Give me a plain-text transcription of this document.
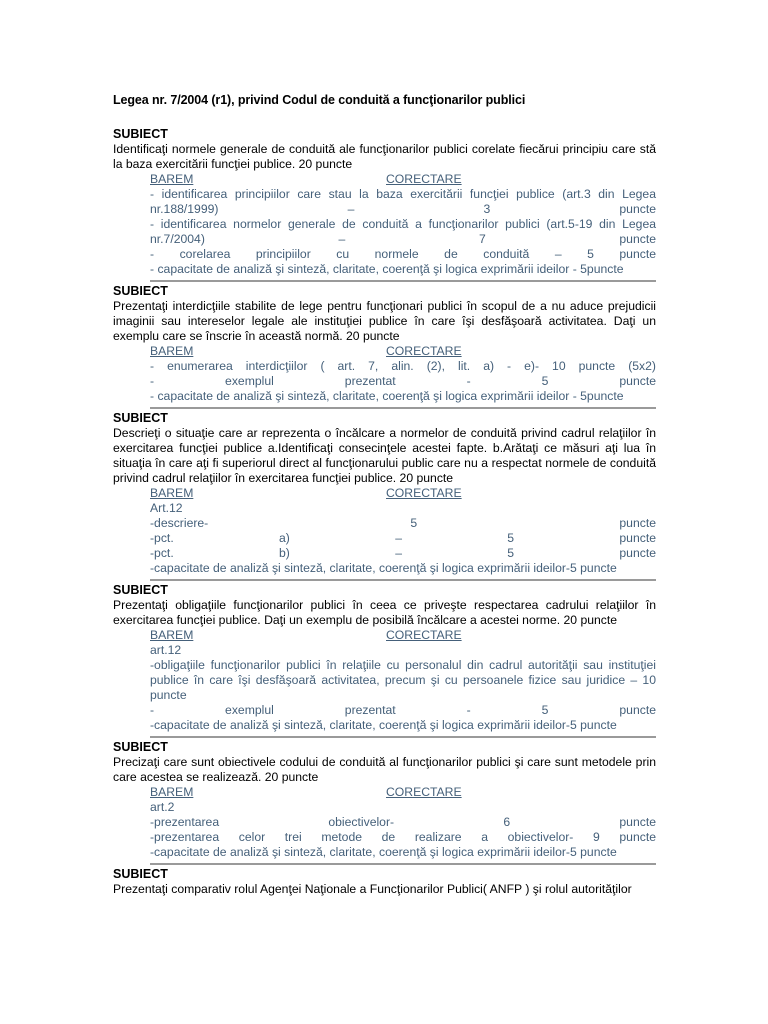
Legea nr. 7/2004 (r1), privind Codul de conduită a funcţionarilor publici

SUBIECT

Identificaţi normele generale de conduită ale funcţionarilor publici corelate fiecărui principiu care stă la baza exercitării funcţiei publice. 20 puncte

BAREM	CORECTARE
- identificarea principiilor care stau la baza exercitării funcţiei publice (art.3 din Legea nr.188/1999) – 3 puncte
- identificarea normelor generale de conduită a funcţionarilor publici (art.5-19 din Legea nr.7/2004) – 7 puncte
- corelarea principiilor cu normele de conduită – 5 puncte
- capacitate de analiză şi sinteză, claritate, coerenţă şi logica exprimării ideilor - 5puncte

SUBIECT

Prezentaţi interdicţiile stabilite de lege pentru funcţionari publici în scopul de a nu aduce prejudicii imaginii sau intereselor legale ale instituţiei publice în care îşi desfăşoară activitatea. Daţi un exemplu care se înscrie în această normă. 20 puncte

BAREM	CORECTARE
- enumerarea interdicţiilor ( art. 7, alin. (2), lit. a) - e)- 10 puncte (5x2)
- exemplul prezentat - 5 puncte
- capacitate de analiză şi sinteză, claritate, coerenţă şi logica exprimării ideilor - 5puncte

SUBIECT

Descrieţi o situaţie care ar reprezenta o încălcare a normelor de conduită privind cadrul relaţiilor în exercitarea funcţiei publice a.Identificaţi consecinţele acestei fapte. b.Arătaţi ce măsuri aţi lua în situaţia în care aţi fi superiorul direct al funcţionarului public care nu a respectat normele de conduită privind cadrul relaţiilor în exercitarea funcţiei publice. 20 puncte

BAREM	CORECTARE
Art.12
-descriere- 5 puncte
-pct. a) – 5 puncte
-pct. b) – 5 puncte
-capacitate de analiză şi sinteză, claritate, coerenţă şi logica exprimării ideilor-5 puncte

SUBIECT

Prezentaţi obligaţiile funcţionarilor publici în ceea ce priveşte respectarea cadrului relaţiilor în exercitarea funcţiei publice. Daţi un exemplu de posibilă încălcare a acestei norme. 20 puncte

BAREM	CORECTARE
art.12
-obligaţiile funcţionarilor publici în relaţiile cu personalul din cadrul autorităţii sau instituţiei publice în care îşi desfăşoară activitatea, precum şi cu persoanele fizice sau juridice – 10 puncte
- exemplul prezentat - 5 puncte
-capacitate de analiză şi sinteză, claritate, coerenţă şi logica exprimării ideilor-5 puncte

SUBIECT

Precizaţi care sunt obiectivele codului de conduită al funcţionarilor publici şi care sunt metodele prin care acestea se realizează. 20 puncte

BAREM	CORECTARE
art.2
-prezentarea obiectivelor- 6 puncte
-prezentarea celor trei metode de realizare a obiectivelor- 9 puncte
-capacitate de analiză şi sinteză, claritate, coerenţă şi logica exprimării ideilor-5 puncte

SUBIECT

Prezentaţi comparativ rolul Agenţei Naţionale a Funcţionarilor Publici( ANFP ) şi rolul autorităţilor
